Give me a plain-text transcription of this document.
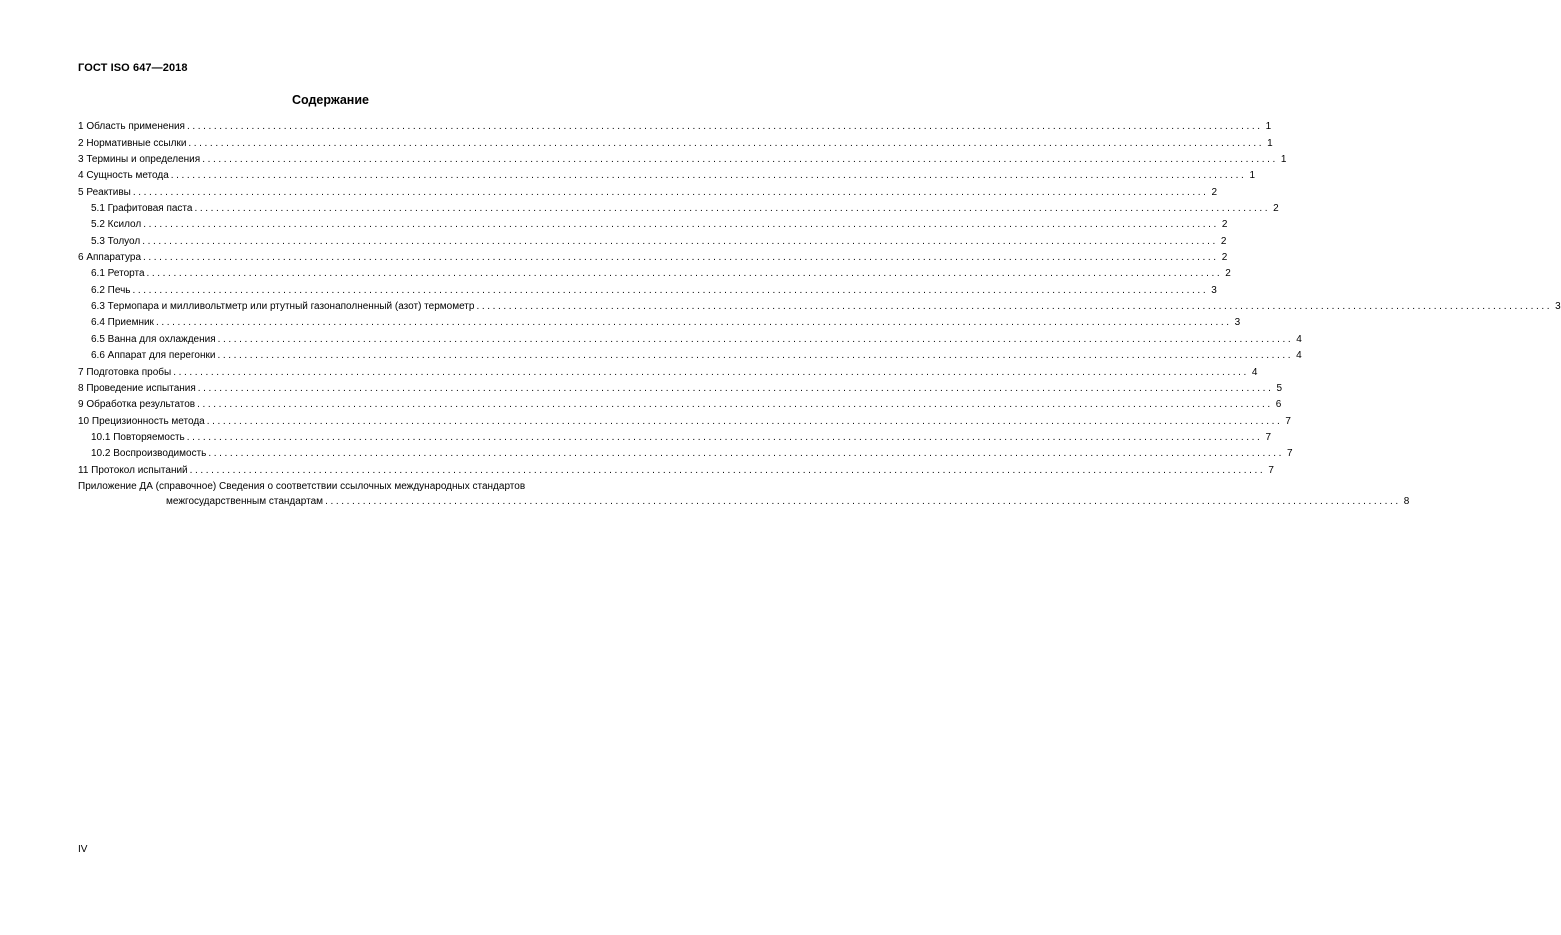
ГОСТ ISO 647—2018
Содержание
1 Область применения ........................................................................................................................................................................................................ 1
2 Нормативные ссылки ........................................................................................................................................................................................................ 1
3 Термины и определения ........................................................................................................................................................................................................ 1
4 Сущность метода ........................................................................................................................................................................................................ 1
5 Реактивы ........................................................................................................................................................................................................ 2
5.1 Графитовая паста ........................................................................................................................................................................................................ 2
5.2 Ксилол ........................................................................................................................................................................................................ 2
5.3 Толуол ........................................................................................................................................................................................................ 2
6 Аппаратура ........................................................................................................................................................................................................ 2
6.1 Реторта ........................................................................................................................................................................................................ 2
6.2 Печь ........................................................................................................................................................................................................ 3
6.3 Термопара и милливольтметр или ртутный газонаполненный (азот) термометр ........................................................................................................................................................................................................ 3
6.4 Приемник ........................................................................................................................................................................................................ 3
6.5 Ванна для охлаждения ........................................................................................................................................................................................................ 4
6.6 Аппарат для перегонки ........................................................................................................................................................................................................ 4
7 Подготовка пробы ........................................................................................................................................................................................................ 4
8 Проведение испытания ........................................................................................................................................................................................................ 5
9 Обработка результатов ........................................................................................................................................................................................................ 6
10 Прецизионность метода ........................................................................................................................................................................................................ 7
10.1 Повторяемость ........................................................................................................................................................................................................ 7
10.2 Воспроизводимость ........................................................................................................................................................................................................ 7
11 Протокол испытаний ........................................................................................................................................................................................................ 7
Приложение ДА (справочное) Сведения о соответствии ссылочных международных стандартов
межгосударственным стандартам ........................................................................................................................................................................................................ 8
IV
